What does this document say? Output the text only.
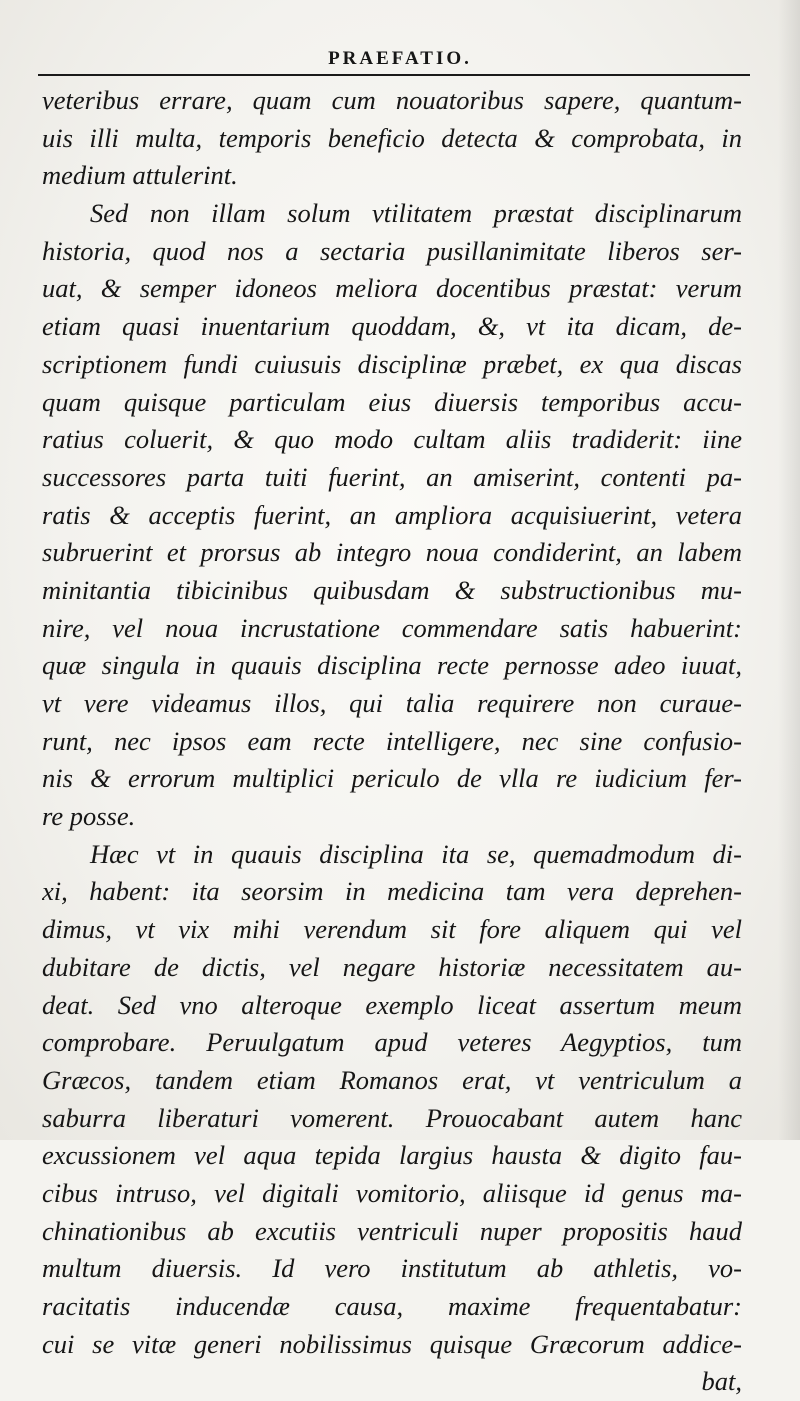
PRAEFATIO.
veteribus errare, quam cum nouatoribus sapere, quantum-
uis illi multa, temporis beneficio detecta & comprobata, in
medium attulerint.
Sed non illam solum vtilitatem præstat disciplinarum
historia, quod nos a sectaria pusillanimitate liberos ser-
uat, & semper idoneos meliora docentibus præstat: verum
etiam quasi inuentarium quoddam, &, vt ita dicam, de-
scriptionem fundi cuiusuis disciplinæ præbet, ex qua discas
quam quisque particulam eius diuersis temporibus accu-
ratius coluerit, & quo modo cultam aliis tradiderit: iine
successores parta tuiti fuerint, an amiserint, contenti pa-
ratis & acceptis fuerint, an ampliora acquisiuerint, vetera
subruerint et prorsus ab integro noua condiderint, an labem
minitantia tibicinibus quibusdam & substructionibus mu-
nire, vel noua incrustatione commendare satis habuerint:
quæ singula in quauis disciplina recte pernosse adeo iuuat,
vt vere videamus illos, qui talia requirere non curaue-
runt, nec ipsos eam recte intelligere, nec sine confusio-
nis & errorum multiplici periculo de vlla re iudicium fer-
re posse.
Hæc vt in quauis disciplina ita se, quemadmodum di-
xi, habent: ita seorsim in medicina tam vera deprehen-
dimus, vt vix mihi verendum sit fore aliquem qui vel
dubitare de dictis, vel negare historiæ necessitatem au-
deat. Sed vno alteroque exemplo liceat assertum meum
comprobare. Peruulgatum apud veteres Aegyptios, tum
Græcos, tandem etiam Romanos erat, vt ventriculum a
saburra liberaturi vomerent. Prouocabant autem hanc
excussionem vel aqua tepida largius hausta & digito fau-
cibus intruso, vel digitali vomitorio, aliisque id genus ma-
chinationibus ab excutiis ventriculi nuper propositis haud
multum diuersis. Id vero institutum ab athletis, vo-
racitatis inducendæ causa, maxime frequentabatur:
cui se vitæ generi nobilissimus quisque Græcorum addice-
bat,
